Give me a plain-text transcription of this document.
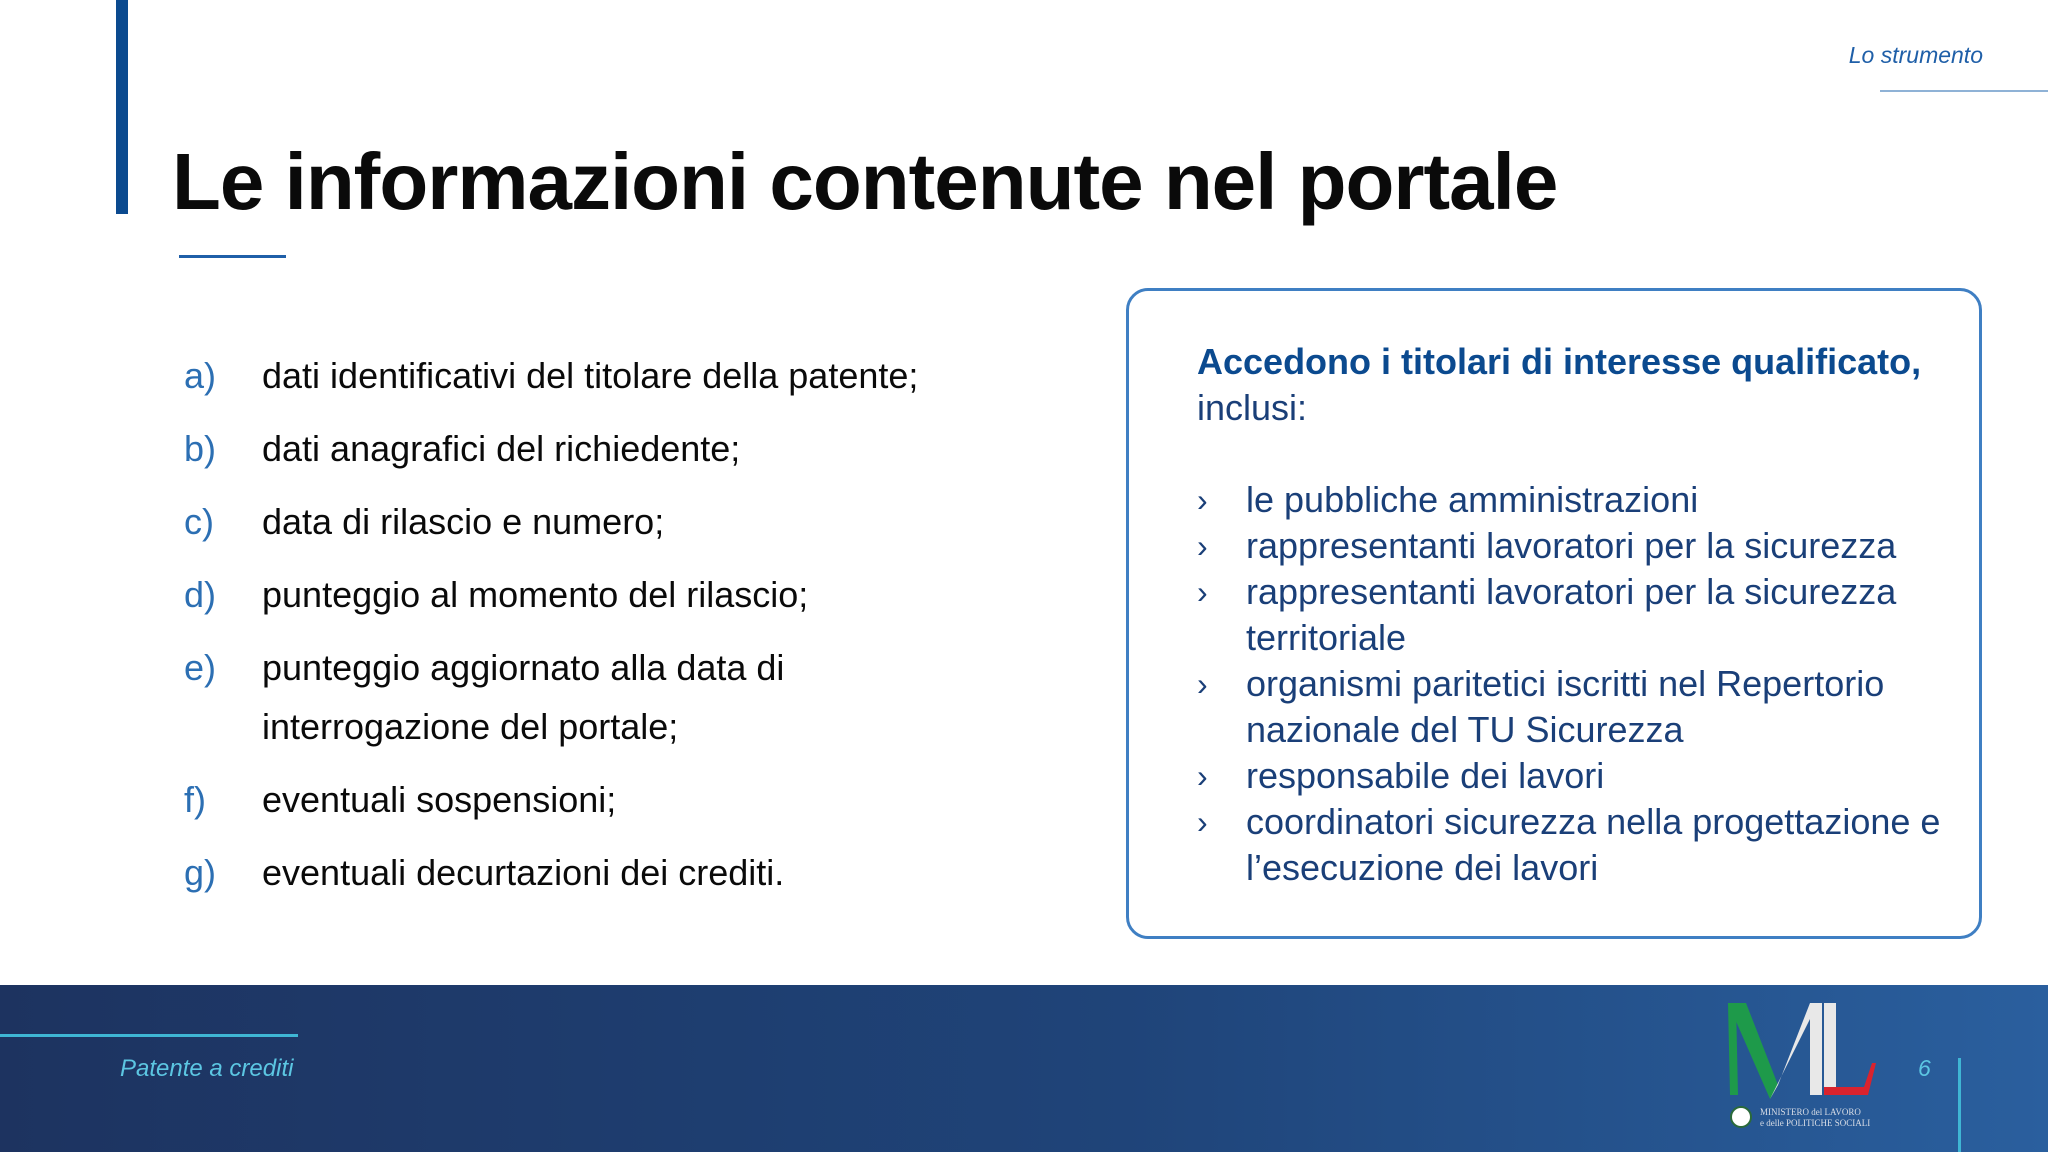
Lo strumento
Le informazioni contenute nel portale
a)	dati identificativi del titolare della patente;
b)	dati anagrafici del richiedente;
c)	data di rilascio e numero;
d)	punteggio al momento del rilascio;
e)	punteggio aggiornato alla data di interrogazione del portale;
f)	eventuali sospensioni;
g)	eventuali decurtazioni dei crediti.
Accedono i titolari di interesse qualificato,
inclusi:
›	le pubbliche amministrazioni
›	rappresentanti lavoratori per la sicurezza
›	rappresentanti lavoratori per la sicurezza territoriale
›	organismi paritetici iscritti nel Repertorio nazionale del TU Sicurezza
›	responsabile dei lavori
›	coordinatori sicurezza nella progettazione e l’esecuzione dei lavori
Patente a crediti
MINISTERO del LAVORO
e delle POLITICHE SOCIALI
6
